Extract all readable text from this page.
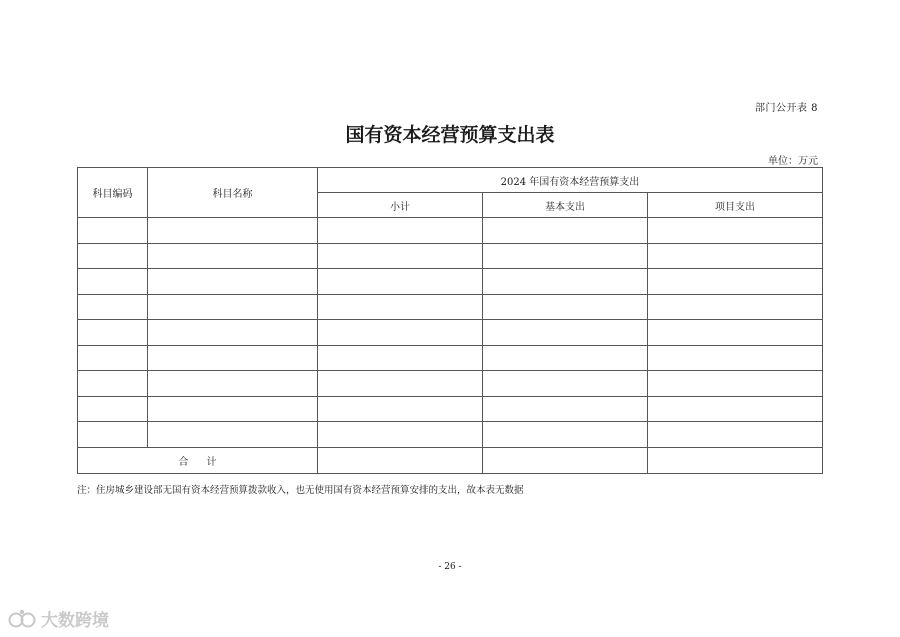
部门公开表 8
国有资本经营预算支出表
单位：万元
科目编码	科目名称	2024 年国有资本经营预算支出		
		小计	基本支出	项目支出

合计				
注：住房城乡建设部无国有资本经营预算拨款收入，也无使用国有资本经营预算安排的支出，故本表无数据
- 26 -
大数跨境
